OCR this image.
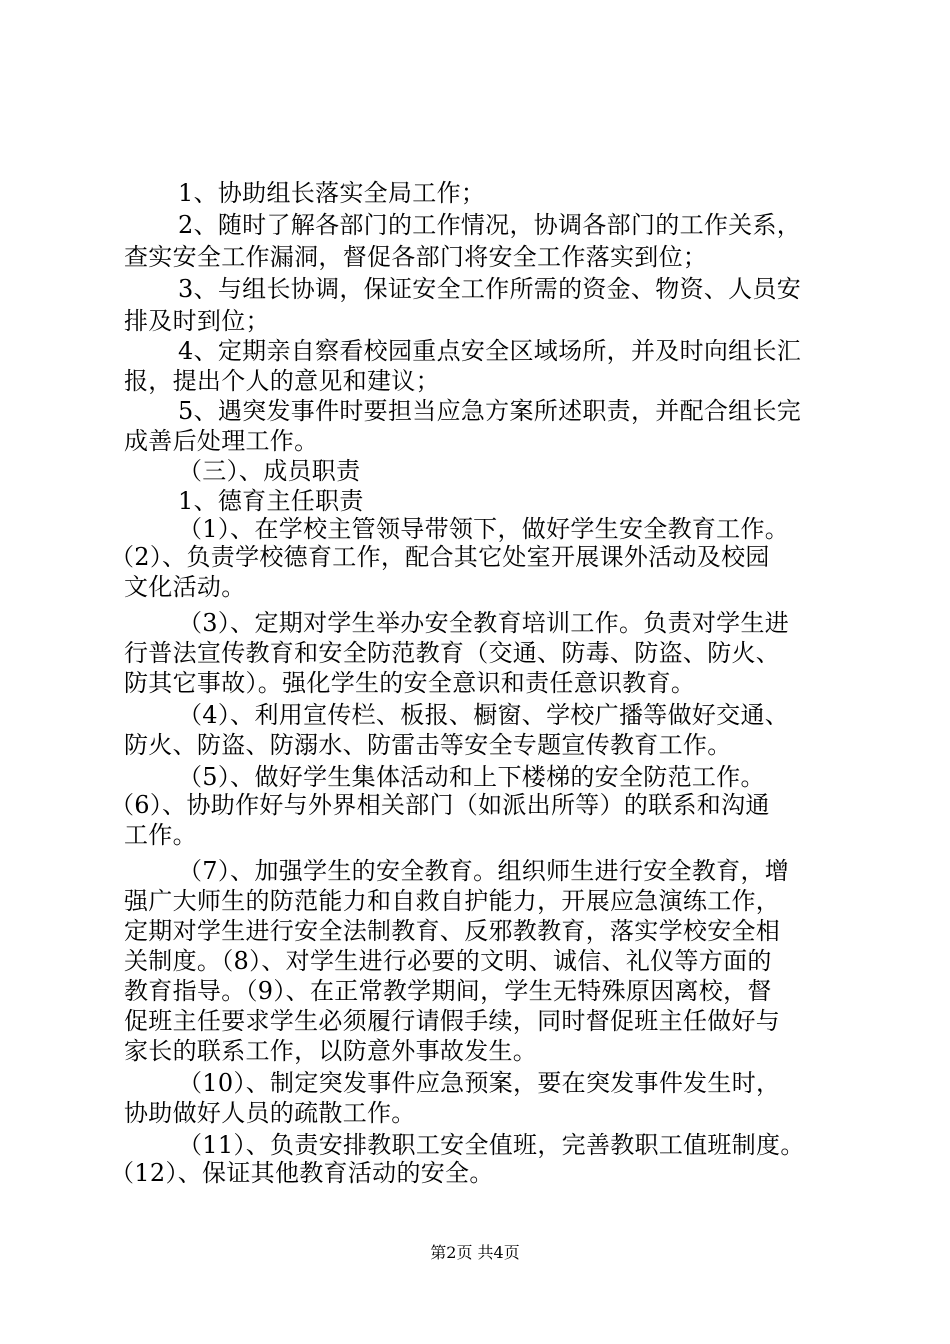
1、协助组长落实全局工作；
2、随时了解各部门的工作情况，协调各部门的工作关系，
查实安全工作漏洞，督促各部门将安全工作落实到位；
3、与组长协调，保证安全工作所需的资金、物资、人员安
排及时到位；
4、定期亲自察看校园重点安全区域场所，并及时向组长汇
报，提出个人的意见和建议；
5、遇突发事件时要担当应急方案所述职责，并配合组长完
成善后处理工作。
（三）、成员职责
1、德育主任职责
（1）、在学校主管领导带领下，做好学生安全教育工作。
（2）、负责学校德育工作，配合其它处室开展课外活动及校园
文化活动。
（3）、定期对学生举办安全教育培训工作。负责对学生进
行普法宣传教育和安全防范教育（交通、防毒、防盗、防火、
防其它事故）。强化学生的安全意识和责任意识教育。
（4）、利用宣传栏、板报、橱窗、学校广播等做好交通、
防火、防盗、防溺水、防雷击等安全专题宣传教育工作。
（5）、做好学生集体活动和上下楼梯的安全防范工作。
（6）、协助作好与外界相关部门（如派出所等）的联系和沟通
工作。
（7）、加强学生的安全教育。组织师生进行安全教育，增
强广大师生的防范能力和自救自护能力，开展应急演练工作，
定期对学生进行安全法制教育、反邪教教育，落实学校安全相
关制度。（8）、对学生进行必要的文明、诚信、礼仪等方面的
教育指导。（9）、在正常教学期间，学生无特殊原因离校，督
促班主任要求学生必须履行请假手续，同时督促班主任做好与
家长的联系工作，以防意外事故发生。
（10）、制定突发事件应急预案，要在突发事件发生时，
协助做好人员的疏散工作。
（11）、负责安排教职工安全值班，完善教职工值班制度。
（12）、保证其他教育活动的安全。
第2页 共4页
